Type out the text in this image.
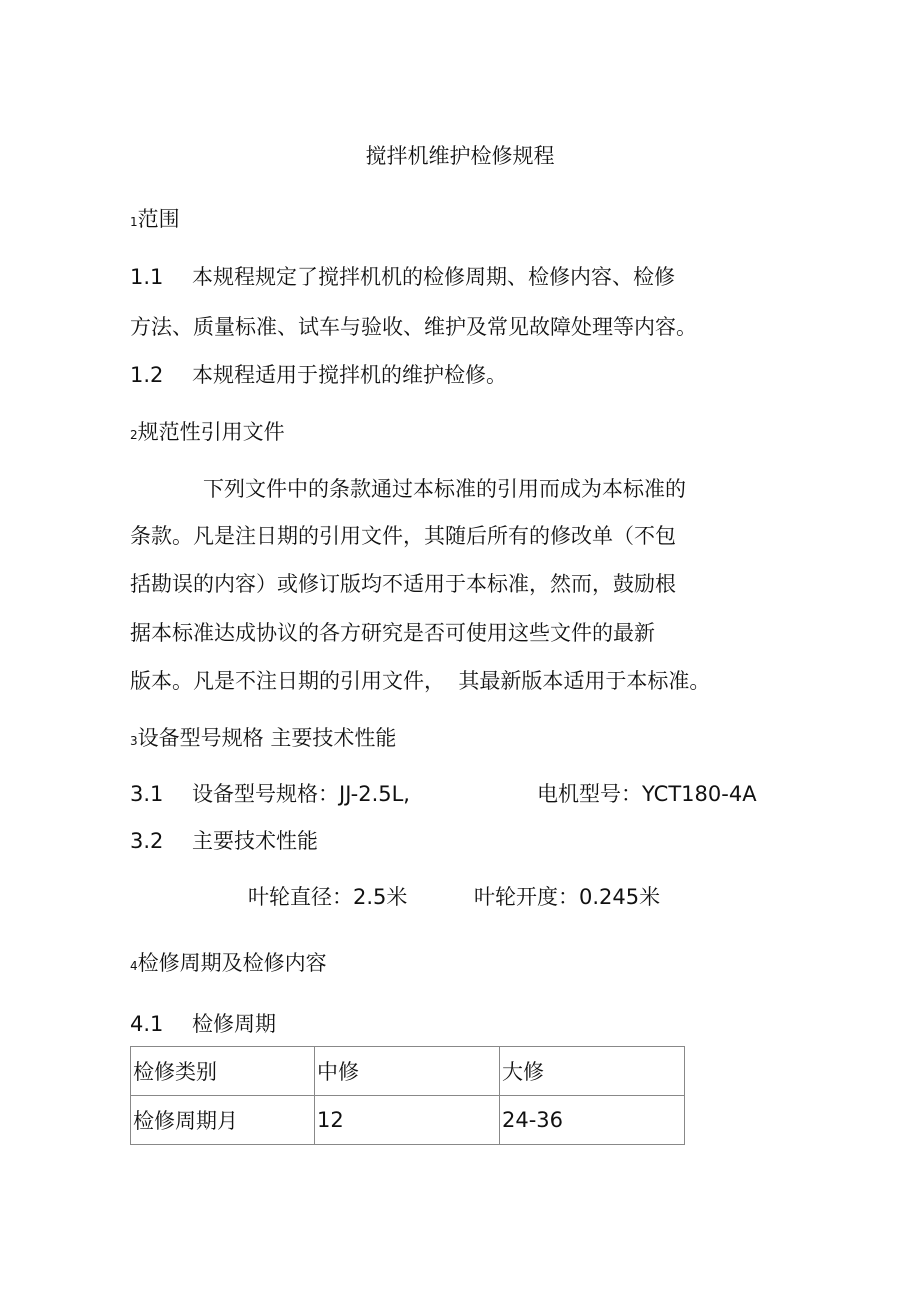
搅拌机维护检修规程
1范围
1.1 本规程规定了搅拌机机的检修周期、检修内容、检修
方法、质量标准、试车与验收、维护及常见故障处理等内容。
1.2 本规程适用于搅拌机的维护检修。
2规范性引用文件
下列文件中的条款通过本标准的引用而成为本标准的
条款。凡是注日期的引用文件，其随后所有的修改单（不包
括勘误的内容）或修订版均不适用于本标准，然而，鼓励根
据本标准达成协议的各方研究是否可使用这些文件的最新
版本。凡是不注日期的引用文件，  其最新版本适用于本标准。
3设备型号规格 主要技术性能
3.1 设备型号规格：JJ-2.5L,	电机型号：YCT180-4A
3.2 主要技术性能
叶轮直径：2.5米	叶轮开度：0.245米
4检修周期及检修内容
4.1 检修周期
检修类别	中修	大修
检修周期月	12	24-36
